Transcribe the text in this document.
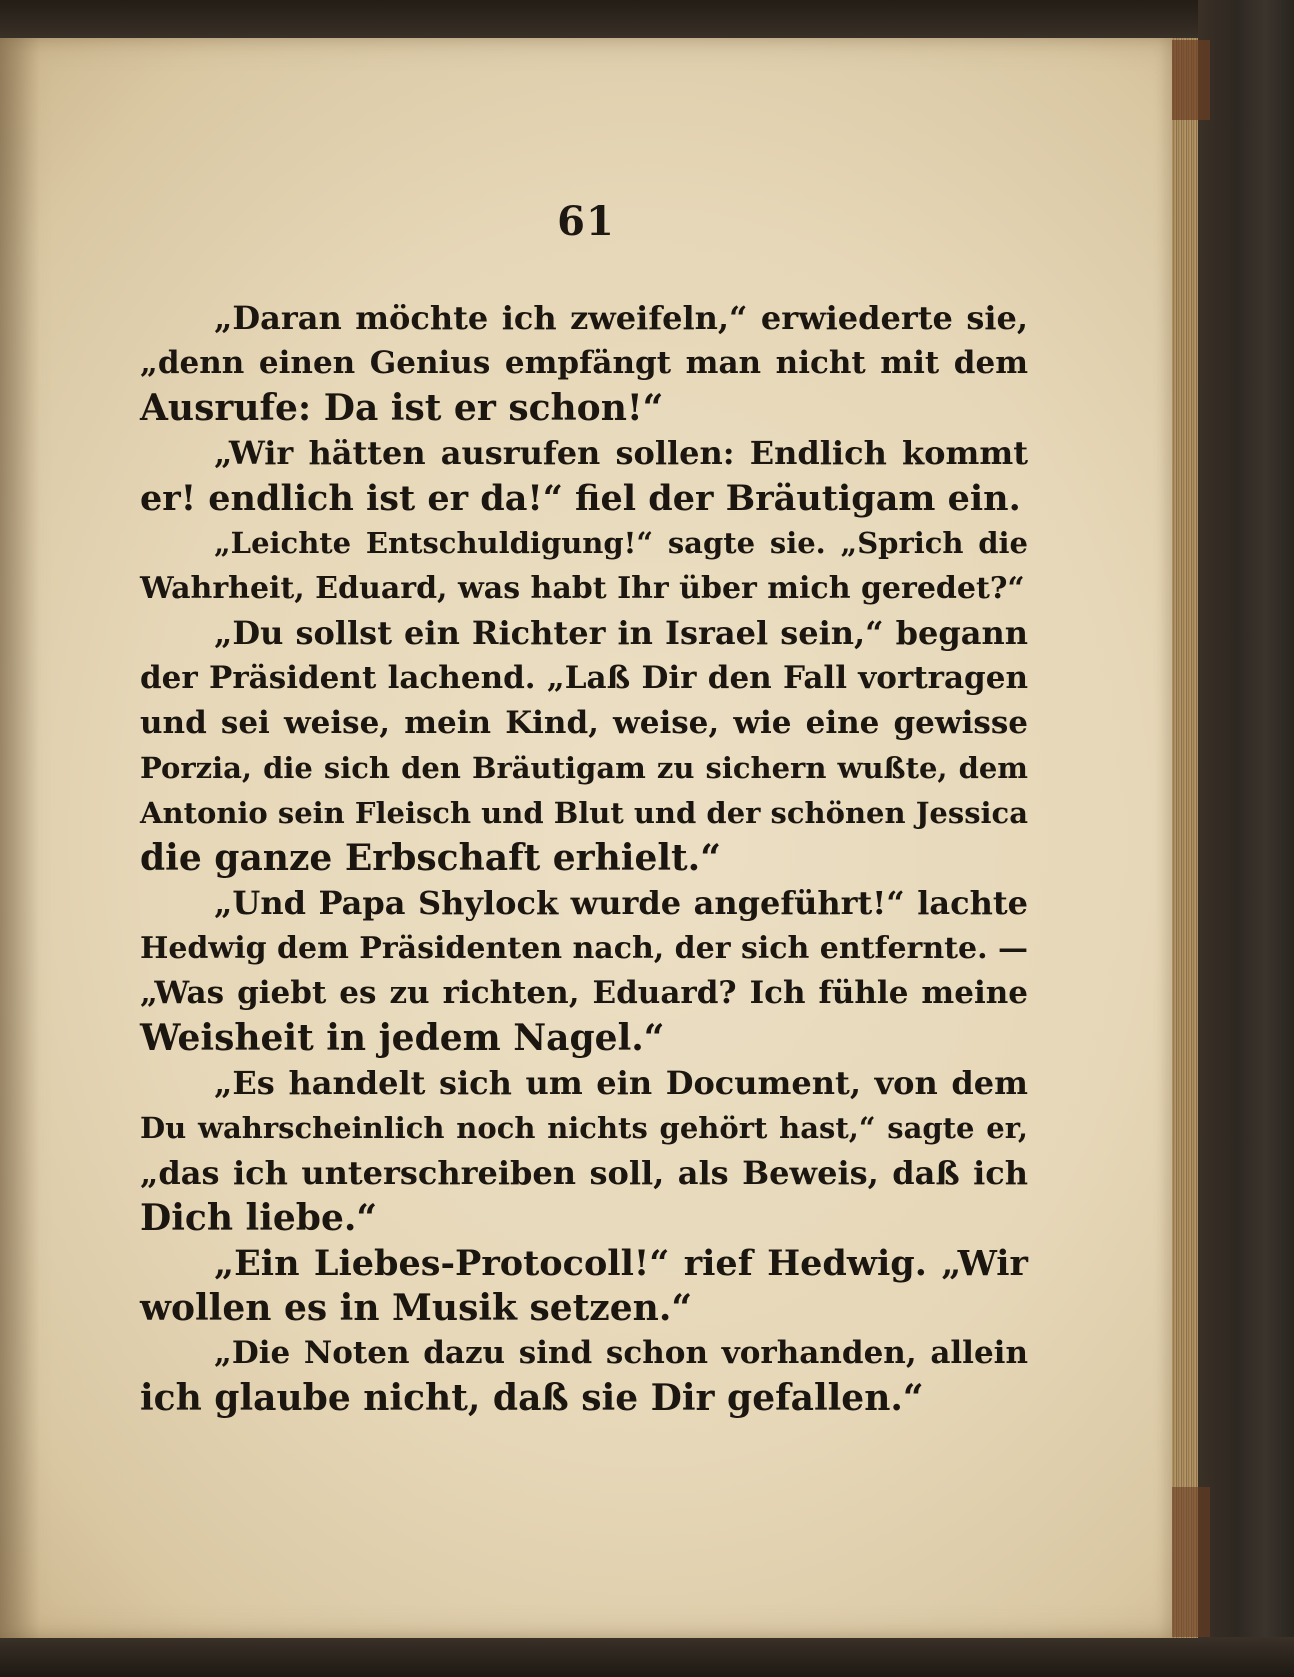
61
„Daran möchte ich zweifeln,“ erwiederte sie,
„denn einen Genius empfängt man nicht mit dem
Ausrufe: Da ist er schon!“
„Wir hätten ausrufen sollen: Endlich kommt
er! endlich ist er da!“ fiel der Bräutigam ein.
„Leichte Entschuldigung!“ sagte sie. „Sprich die
Wahrheit, Eduard, was habt Ihr über mich geredet?“
„Du sollst ein Richter in Israel sein,“ begann
der Präsident lachend. „Laß Dir den Fall vortragen
und sei weise, mein Kind, weise, wie eine gewisse
Porzia, die sich den Bräutigam zu sichern wußte, dem
Antonio sein Fleisch und Blut und der schönen Jessica
die ganze Erbschaft erhielt.“
„Und Papa Shylock wurde angeführt!“ lachte
Hedwig dem Präsidenten nach, der sich entfernte. —
„Was giebt es zu richten, Eduard? Ich fühle meine
Weisheit in jedem Nagel.“
„Es handelt sich um ein Document, von dem
Du wahrscheinlich noch nichts gehört hast,“ sagte er,
„das ich unterschreiben soll, als Beweis, daß ich
Dich liebe.“
„Ein Liebes-Protocoll!“ rief Hedwig. „Wir
wollen es in Musik setzen.“
„Die Noten dazu sind schon vorhanden, allein
ich glaube nicht, daß sie Dir gefallen.“
